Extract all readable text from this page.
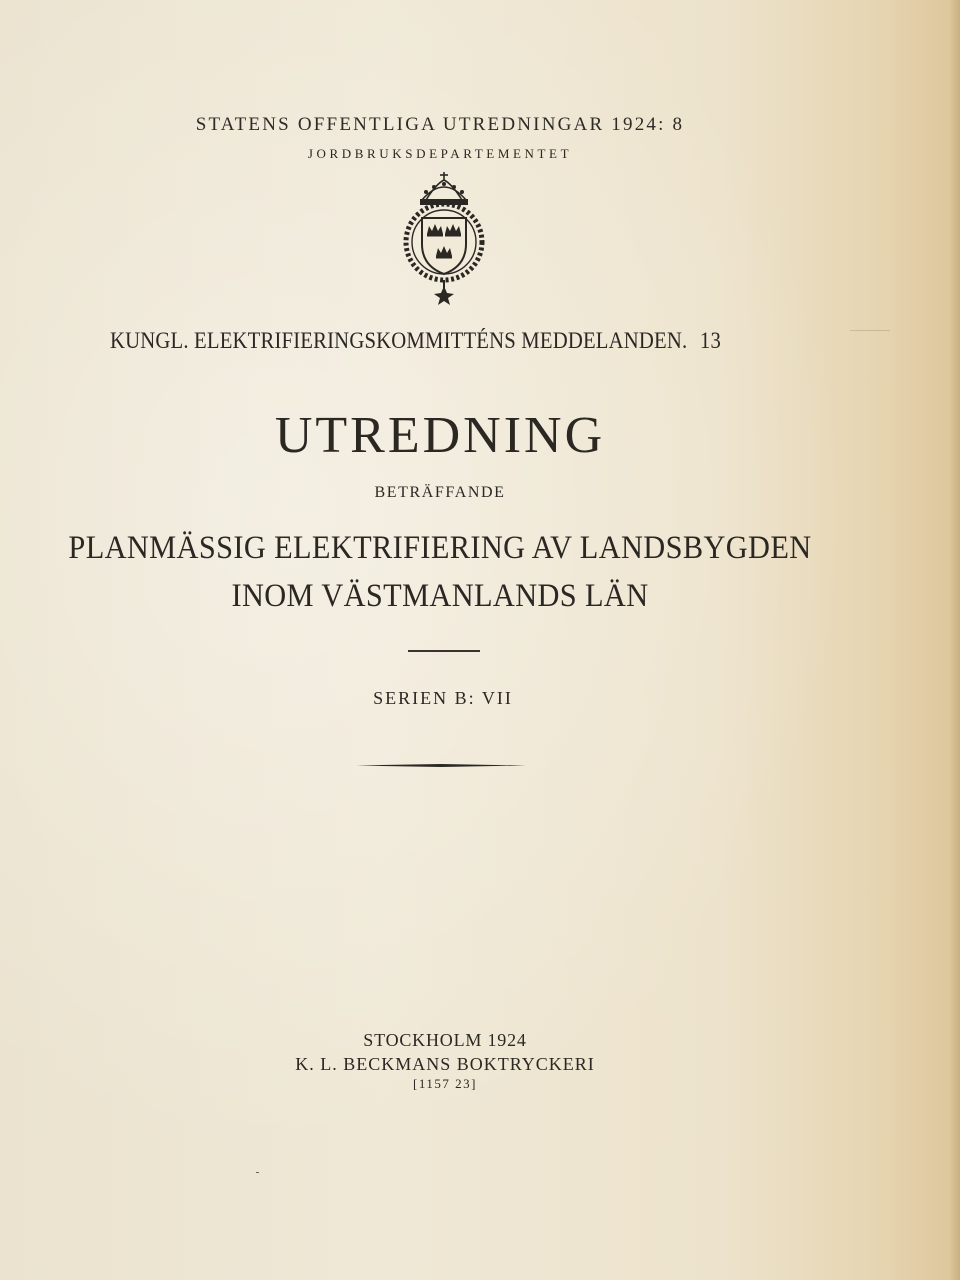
STATENS OFFENTLIGA UTREDNINGAR 1924: 8
JORDBRUKSDEPARTEMENTET
KUNGL. ELEKTRIFIERINGSKOMMITTÉNS MEDDELANDEN. 13
UTREDNING
BETRÄFFANDE
PLANMÄSSIG ELEKTRIFIERING AV LANDSBYGDEN
INOM VÄSTMANLANDS LÄN
SERIEN B: VII
STOCKHOLM 1924
K. L. BECKMANS BOKTRYCKERI
[1157 23]
